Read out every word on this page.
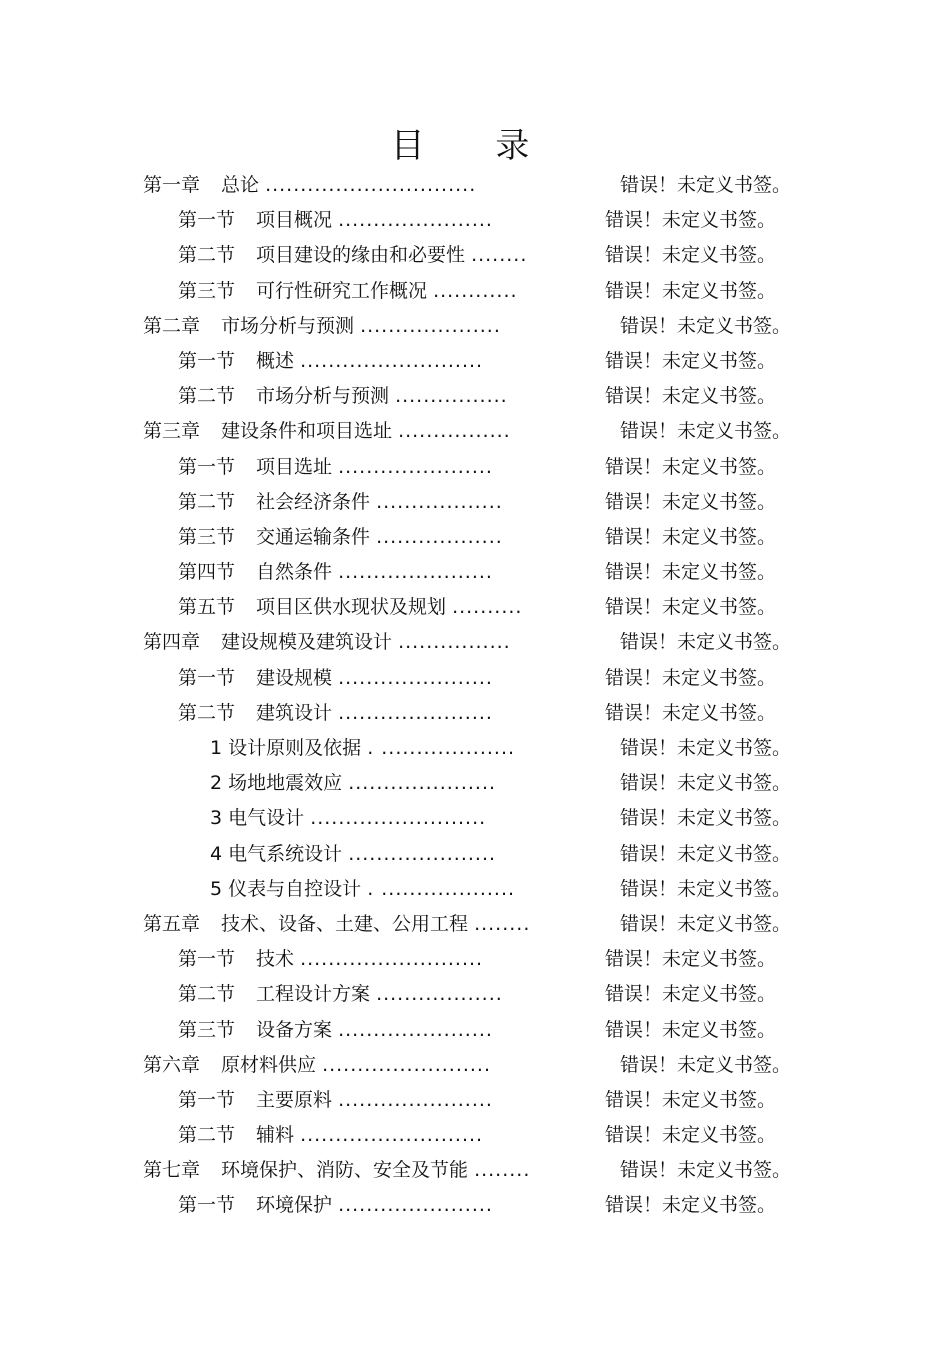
目 录
第一章 总论 ..............................	错误！未定义书签。
第一节 项目概况 ......................	错误！未定义书签。
第二节 项目建设的缘由和必要性 ........	错误！未定义书签。
第三节 可行性研究工作概况 ............	错误！未定义书签。
第二章 市场分析与预测 ....................	错误！未定义书签。
第一节 概述 ..........................	错误！未定义书签。
第二节 市场分析与预测 ................	错误！未定义书签。
第三章 建设条件和项目选址 ................	错误！未定义书签。
第一节 项目选址 ......................	错误！未定义书签。
第二节 社会经济条件 ..................	错误！未定义书签。
第三节 交通运输条件 ..................	错误！未定义书签。
第四节 自然条件 ......................	错误！未定义书签。
第五节 项目区供水现状及规划 ..........	错误！未定义书签。
第四章 建设规模及建筑设计 ................	错误！未定义书签。
第一节 建设规模 ......................	错误！未定义书签。
第二节 建筑设计 ......................	错误！未定义书签。
1 设计原则及依据 . ...................	错误！未定义书签。
2 场地地震效应 .....................	错误！未定义书签。
3 电气设计 .........................	错误！未定义书签。
4 电气系统设计 .....................	错误！未定义书签。
5 仪表与自控设计 . ...................	错误！未定义书签。
第五章 技术、设备、土建、公用工程 ........	错误！未定义书签。
第一节 技术 ..........................	错误！未定义书签。
第二节 工程设计方案 ..................	错误！未定义书签。
第三节 设备方案 ......................	错误！未定义书签。
第六章 原材料供应 ........................	错误！未定义书签。
第一节 主要原料 ......................	错误！未定义书签。
第二节 辅料 ..........................	错误！未定义书签。
第七章 环境保护、消防、安全及节能 ........	错误！未定义书签。
第一节 环境保护 ......................	错误！未定义书签。
